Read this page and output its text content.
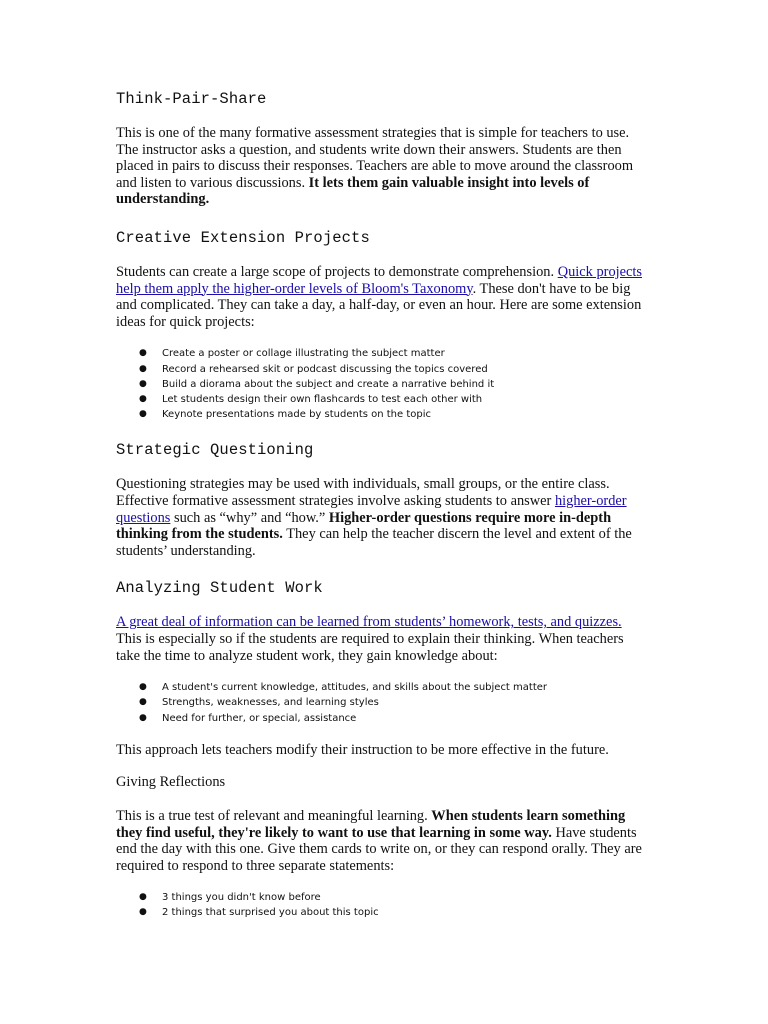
Think-Pair-Share

This is one of the many formative assessment strategies that is simple for teachers to use. The instructor asks a question, and students write down their answers. Students are then placed in pairs to discuss their responses. Teachers are able to move around the classroom and listen to various discussions. It lets them gain valuable insight into levels of understanding.

Creative Extension Projects

Students can create a large scope of projects to demonstrate comprehension. Quick projects help them apply the higher-order levels of Bloom's Taxonomy. These don't have to be big and complicated. They can take a day, a half-day, or even an hour. Here are some extension ideas for quick projects:

● Create a poster or collage illustrating the subject matter
● Record a rehearsed skit or podcast discussing the topics covered
● Build a diorama about the subject and create a narrative behind it
● Let students design their own flashcards to test each other with
● Keynote presentations made by students on the topic
Strategic Questioning

Questioning strategies may be used with individuals, small groups, or the entire class. Effective formative assessment strategies involve asking students to answer higher-order questions such as “why” and “how.” Higher-order questions require more in-depth thinking from the students. They can help the teacher discern the level and extent of the students’ understanding.

Analyzing Student Work

A great deal of information can be learned from students’ homework, tests, and quizzes. This is especially so if the students are required to explain their thinking. When teachers take the time to analyze student work, they gain knowledge about:

● A student's current knowledge, attitudes, and skills about the subject matter
● Strengths, weaknesses, and learning styles
● Need for further, or special, assistance

This approach lets teachers modify their instruction to be more effective in the future.

Giving Reflections

This is a true test of relevant and meaningful learning. When students learn something they find useful, they're likely to want to use that learning in some way. Have students end the day with this one. Give them cards to write on, or they can respond orally. They are required to respond to three separate statements:

● 3 things you didn't know before
● 2 things that surprised you about this topic
